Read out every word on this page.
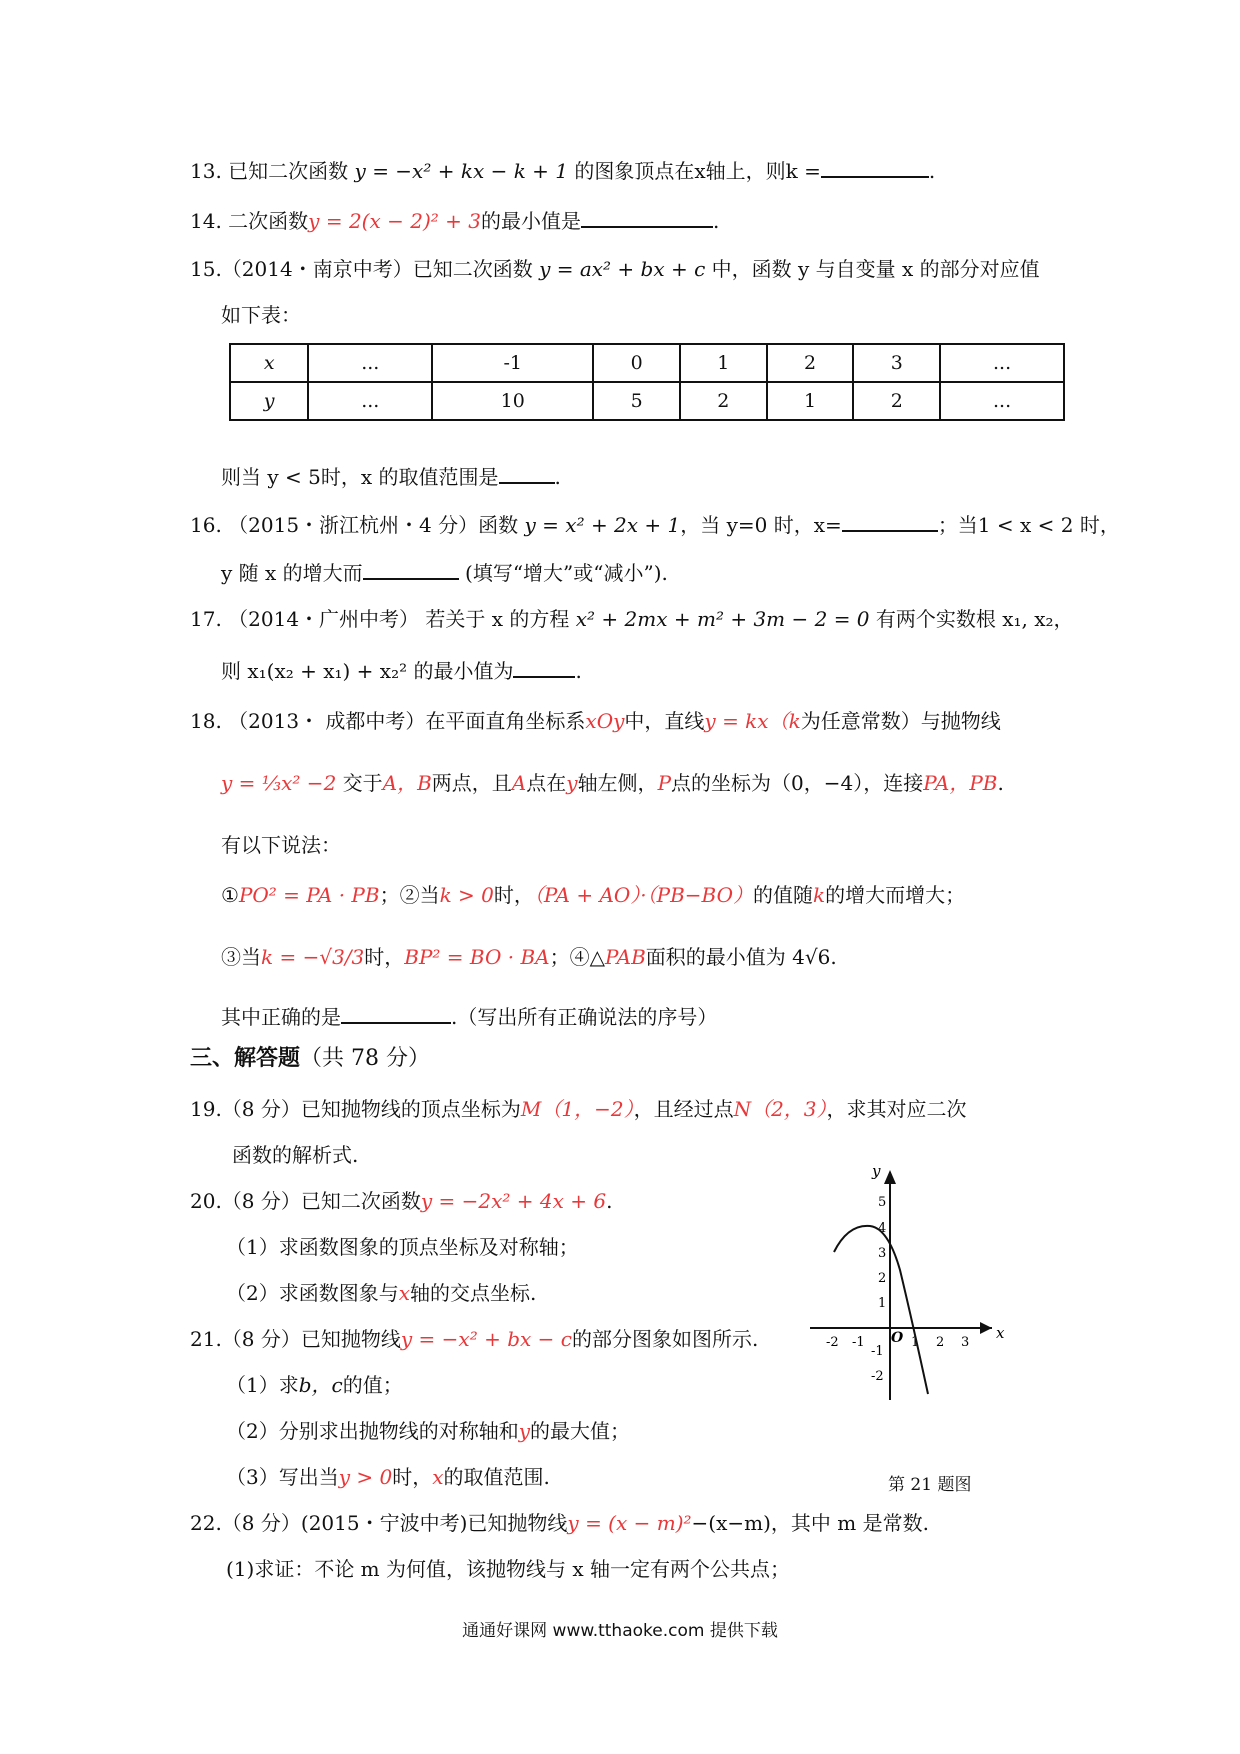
13. 已知二次函数 y = −x² + kx − k + 1 的图象顶点在x轴上，则k =	.
14. 二次函数y = 2(x − 2)² + 3的最小值是	.
15.（2014・南京中考）已知二次函数 y = ax² + bx + c 中，函数 y 与自变量 x 的部分对应值
如下表：
x	...	-1	0	1	2	3	...
y	...	10	5	2	1	2	...
则当 y < 5时，x 的取值范围是	.
16. （2015・浙江杭州・4 分）函数 y = x² + 2x + 1，当 y=0 时，x=	；当1 < x < 2 时，
y 随 x 的增大而	(填写“增大”或“减小”).
17. （2014・广州中考） 若关于 x 的方程 x² + 2mx + m² + 3m − 2 = 0 有两个实数根 x₁, x₂，
则 x₁(x₂ + x₁) + x₂² 的最小值为	.
18. （2013・ 成都中考）在平面直角坐标系xOy中，直线y = kx（k为任意常数）与抛物线
y = ⅓x² −2 交于A，B两点，且A点在y轴左侧，P点的坐标为（0，−4），连接PA，PB.
有以下说法：
①PO² = PA · PB；②当k > 0时，（PA + AO）·（PB−BO）的值随k的增大而增大；
③当k = −√3/3时，BP² = BO · BA；④△PAB面积的最小值为 4√6.
其中正确的是	.（写出所有正确说法的序号）
三、解答题（共 78 分）
19.（8 分）已知抛物线的顶点坐标为M（1，−2），且经过点N（2，3），求其对应二次
函数的解析式.
20.（8 分）已知二次函数y = −2x² + 4x + 6.
（1）求函数图象的顶点坐标及对称轴；
（2）求函数图象与x轴的交点坐标.
21.（8 分）已知抛物线y = −x² + bx − c的部分图象如图所示.
（1）求b，c的值；
（2）分别求出抛物线的对称轴和y的最大值；
（3）写出当y > 0时，x的取值范围.
y
x
O
-2 -1	1 2 3
5
4
3
2
1
-1
-2
第 21 题图
22.（8 分）(2015・宁波中考)已知抛物线y = (x − m)²−(x−m)，其中 m 是常数.
(1)求证：不论 m 为何值，该抛物线与 x 轴一定有两个公共点；
通通好课网 www.tthaoke.com 提供下载
